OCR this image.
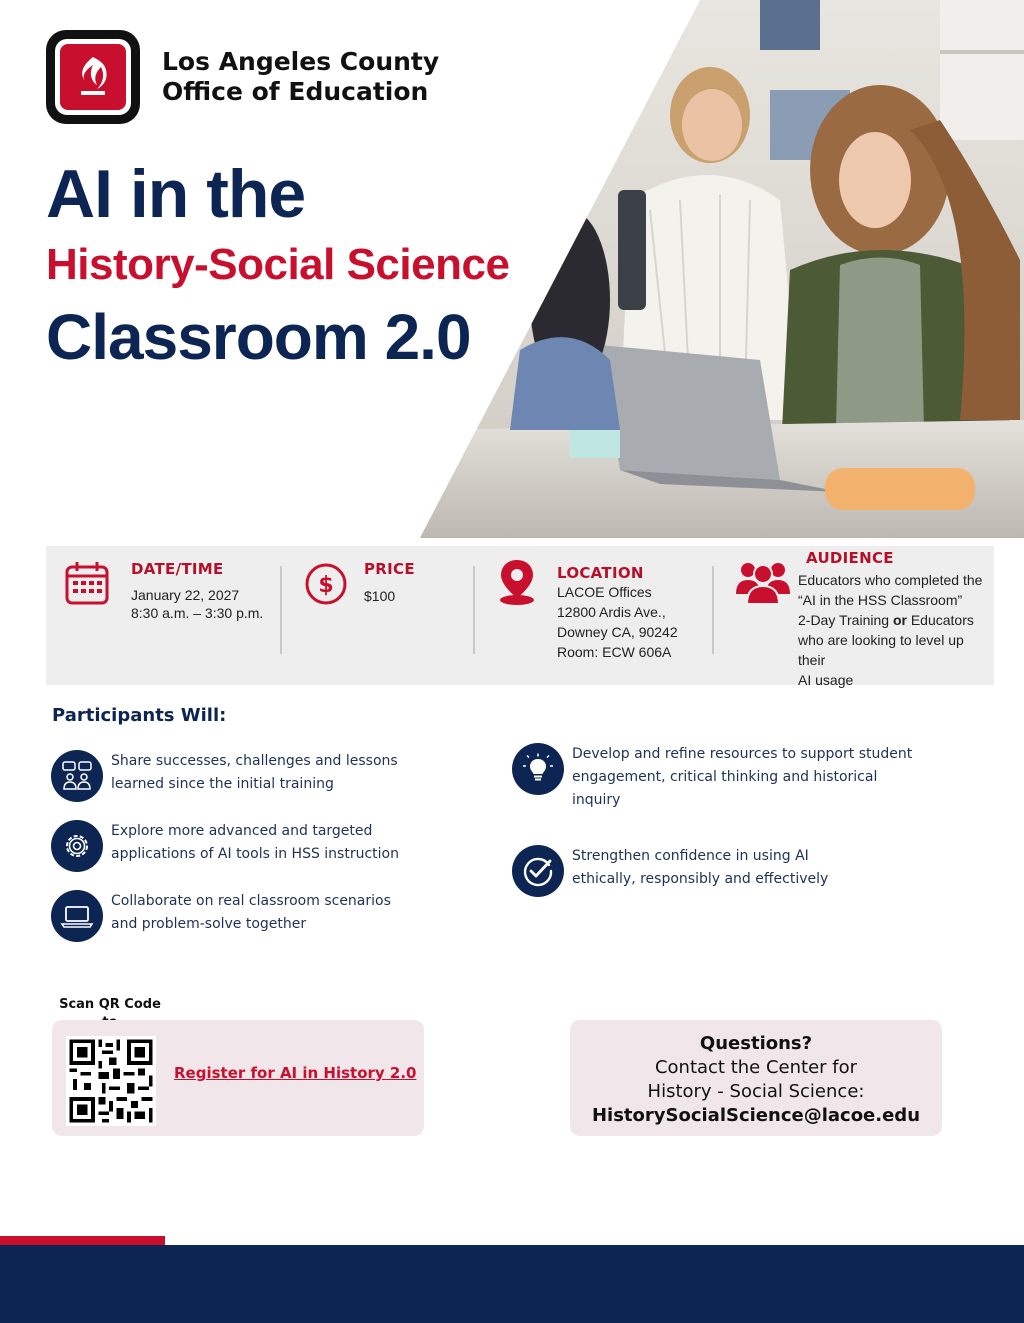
Los Angeles County
Office of Education
AI in the
History-Social Science
Classroom 2.0
DATE/TIME
January 22, 2027
8:30 a.m. – 3:30 p.m.
$
PRICE
$100
LOCATION
LACOE Offices
12800 Ardis Ave.,
Downey CA, 90242
Room: ECW 606A
AUDIENCE
Educators who completed the
“AI in the HSS Classroom”
2-Day Training or Educators
who are looking to level up their
AI usage
Participants Will:
Share successes, challenges and lessons
learned since the initial training
Explore more advanced and targeted
applications of AI tools in HSS instruction
Collaborate on real classroom scenarios
and problem-solve together
Develop and refine resources to support student
engagement, critical thinking and historical
inquiry
Strengthen confidence in using AI
ethically, responsibly and effectively
Scan QR Code
Register for AI in History 2.0
Questions?
Contact the Center for
History - Social Science:
HistorySocialScience@lacoe.edu
